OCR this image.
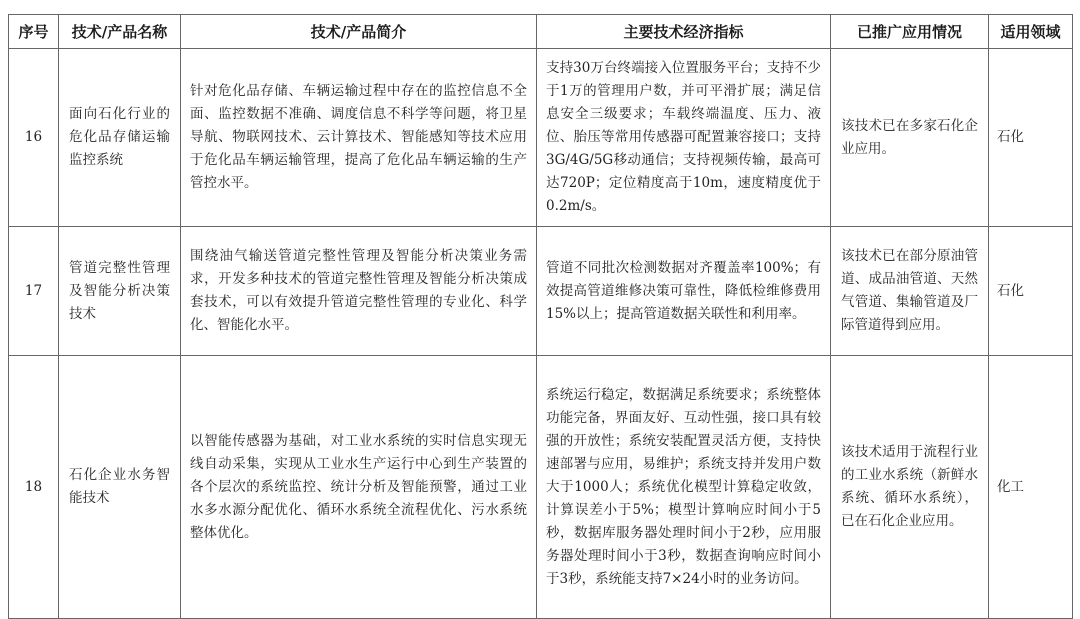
序号	技术/产品名称	技术/产品简介	主要技术经济指标	已推广应用情况	适用领域
16	面向石化行业的危化品存储运输监控系统	针对危化品存储、车辆运输过程中存在的监控信息不全面、监控数据不准确、调度信息不科学等问题，将卫星导航、物联网技术、云计算技术、智能感知等技术应用于危化品车辆运输管理，提高了危化品车辆运输的生产管控水平。	支持30万台终端接入位置服务平台；支持不少于1万的管理用户数，并可平滑扩展；满足信息安全三级要求；车载终端温度、压力、液位、胎压等常用传感器可配置兼容接口；支持3G/4G/5G移动通信；支持视频传输，最高可达720P；定位精度高于10m，速度精度优于0.2m/s。	该技术已在多家石化企业应用。	石化
17	管道完整性管理及智能分析决策技术	围绕油气输送管道完整性管理及智能分析决策业务需求，开发多种技术的管道完整性管理及智能分析决策成套技术，可以有效提升管道完整性管理的专业化、科学化、智能化水平。	管道不同批次检测数据对齐覆盖率100%；有效提高管道维修决策可靠性，降低检维修费用15%以上；提高管道数据关联性和利用率。	该技术已在部分原油管道、成品油管道、天然气管道、集输管道及厂际管道得到应用。	石化
18	石化企业水务智能技术	以智能传感器为基础，对工业水系统的实时信息实现无线自动采集，实现从工业水生产运行中心到生产装置的各个层次的系统监控、统计分析及智能预警，通过工业水多水源分配优化、循环水系统全流程优化、污水系统整体优化。	系统运行稳定，数据满足系统要求；系统整体功能完备，界面友好、互动性强，接口具有较强的开放性；系统安装配置灵活方便，支持快速部署与应用，易维护；系统支持并发用户数大于1000人；系统优化模型计算稳定收敛，计算误差小于5%；模型计算响应时间小于5秒，数据库服务器处理时间小于2秒，应用服务器处理时间小于3秒，数据查询响应时间小于3秒，系统能支持7×24小时的业务访问。	该技术适用于流程行业的工业水系统（新鲜水系统、循环水系统），已在石化企业应用。	化工
